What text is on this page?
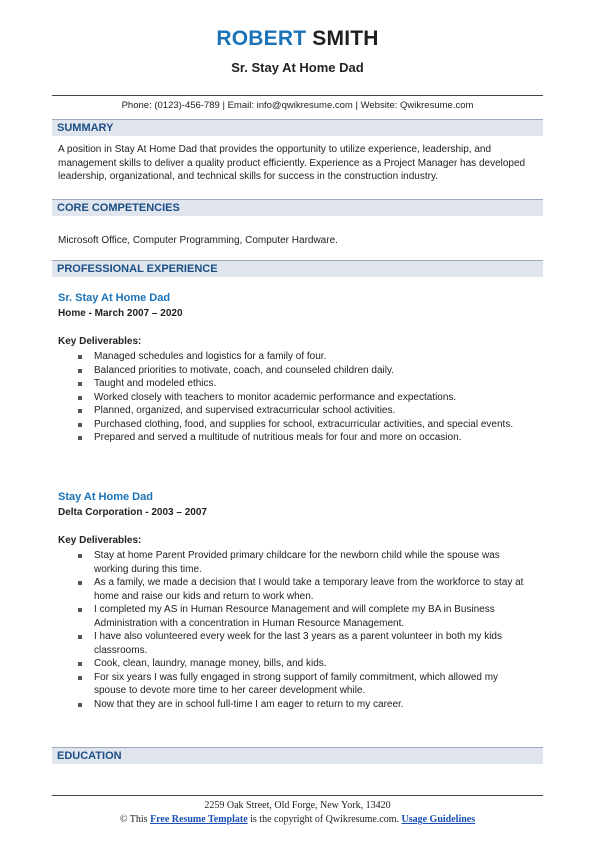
ROBERT SMITH
Sr. Stay At Home Dad
Phone: (0123)-456-789 | Email: info@qwikresume.com | Website: Qwikresume.com
SUMMARY
A position in Stay At Home Dad that provides the opportunity to utilize experience, leadership, and management skills to deliver a quality product efficiently. Experience as a Project Manager has developed leadership, organizational, and technical skills for success in the construction industry.
CORE COMPETENCIES
Microsoft Office, Computer Programming, Computer Hardware.
PROFESSIONAL EXPERIENCE
Sr. Stay At Home Dad
Home - March 2007 – 2020
Key Deliverables:
Managed schedules and logistics for a family of four.
Balanced priorities to motivate, coach, and counseled children daily.
Taught and modeled ethics.
Worked closely with teachers to monitor academic performance and expectations.
Planned, organized, and supervised extracurricular school activities.
Purchased clothing, food, and supplies for school, extracurricular activities, and special events.
Prepared and served a multitude of nutritious meals for four and more on occasion.
Stay At Home Dad
Delta Corporation - 2003 – 2007
Key Deliverables:
Stay at home Parent Provided primary childcare for the newborn child while the spouse was working during this time.
As a family, we made a decision that I would take a temporary leave from the workforce to stay at home and raise our kids and return to work when.
I completed my AS in Human Resource Management and will complete my BA in Business Administration with a concentration in Human Resource Management.
I have also volunteered every week for the last 3 years as a parent volunteer in both my kids classrooms.
Cook, clean, laundry, manage money, bills, and kids.
For six years I was fully engaged in strong support of family commitment, which allowed my spouse to devote more time to her career development while.
Now that they are in school full-time I am eager to return to my career.
EDUCATION
2259 Oak Street, Old Forge, New York, 13420
© This Free Resume Template is the copyright of Qwikresume.com. Usage Guidelines
